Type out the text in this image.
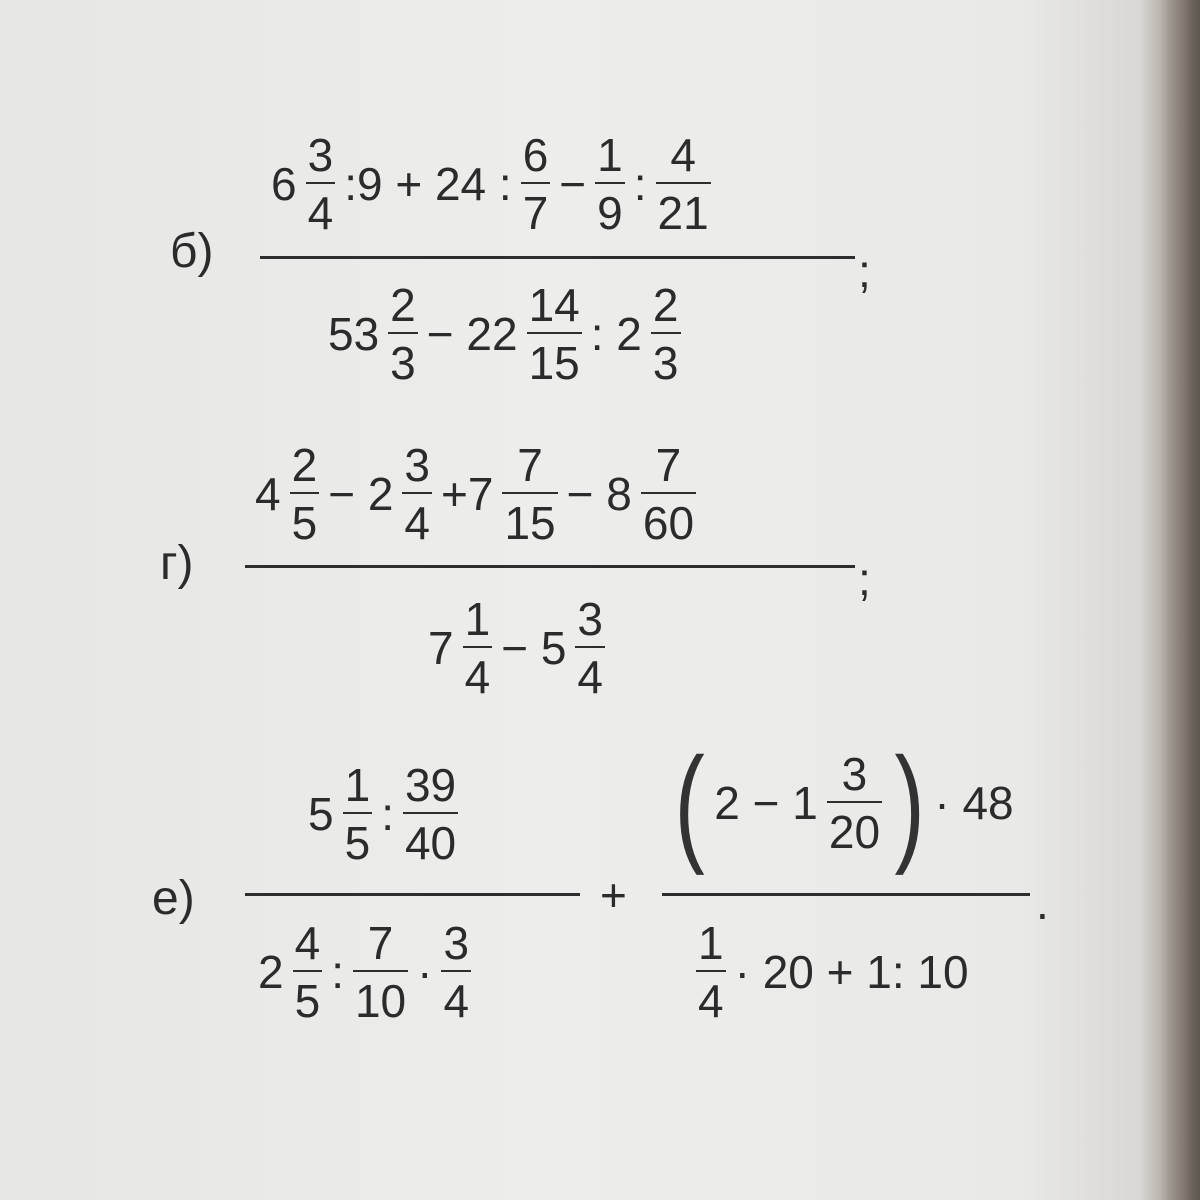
б)
$6 \frac{3}{4}$ :9 + 24 : $\frac{6}{7} - \frac{1}{9}$ : $\frac{4}{21}$
;
$53 \frac{2}{3} - 22 \frac{14}{15}$ : $2 \frac{2}{3}$
г)
$4 \frac{2}{5} - 2 \frac{3}{4} +7 \frac{7}{15} - 8 \frac{7}{60}$
;
$7 \frac{1}{4} - 5 \frac{3}{4}$
е)
$5 \frac{1}{5}$ : $\frac{39}{40}$
$2 \frac{4}{5}$ : $\frac{7}{10} \cdot \frac{3}{4}$
+
( $2 - 1 \frac{3}{20}$ ) · 48
.
$\frac{1}{4} \cdot 20 + 1$: 10
